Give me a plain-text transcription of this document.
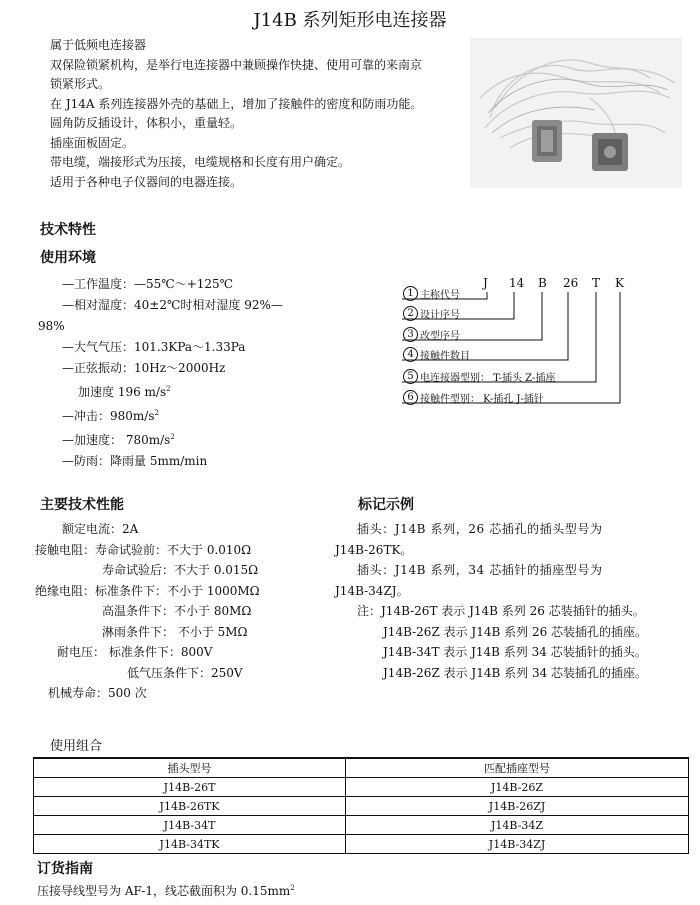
J14B 系列矩形电连接器
属于低频电连接器
双保险锁紧机构，是举行电连接器中兼顾操作快捷、使用可靠的来南京
锁紧形式。
在 J14A 系列连接器外壳的基础上，增加了接触件的密度和防雨功能。
圆角防反插设计，体积小，重量轻。
插座面板固定。
带电缆，端接形式为压接，电缆规格和长度有用户确定。
适用于各种电子仪器间的电器连接。
技术特性
使用环境
—工作温度：—55℃～+125℃
—相对湿度：40±2℃时相对湿度 92%—
98%
—大气气压：101.3KPa～1.33Pa
—正弦振动：10Hz～2000Hz
加速度 196 $m/s^2$
—冲击：$980m/s^2$
—加速度： $780m/s^2$
—防雨：降雨量 5mm/min
J 14 B 26 T K
1 主称代号
2 设计序号
3 改型序号
4 接触件数目
5 电连接器型别： T-插头 Z-插座
6 接触件型别： K-插孔 J-插针
主要技术性能	标记示例
额定电流：2A
接触电阻：寿命试验前：不大于 0.010Ω
寿命试验后：不大于 0.015Ω
绝缘电阻：标准条件下：不小于 1000MΩ
高温条件下：不小于 80MΩ
淋雨条件下： 不小于 5MΩ
耐电压： 标准条件下：800V
低气压条件下：250V
机械寿命：500 次
插头：J14B 系列，26 芯插孔的插头型号为
J14B-26TK。
插头：J14B 系列，34 芯插针的插座型号为
J14B-34ZJ。
注：J14B-26T 表示 J14B 系列 26 芯装插针的插头。
J14B-26Z 表示 J14B 系列 26 芯装插孔的插座。
J14B-34T 表示 J14B 系列 34 芯装插针的插头。
J14B-26Z 表示 J14B 系列 34 芯装插孔的插座。
使用组合
插头型号	匹配插座型号
J14B-26T	J14B-26Z
J14B-26TK	J14B-26ZJ
J14B-34T	J14B-34Z
J14B-34TK	J14B-34ZJ
订货指南
压接导线型号为 AF-1，线芯截面积为 $0.15mm^2$
